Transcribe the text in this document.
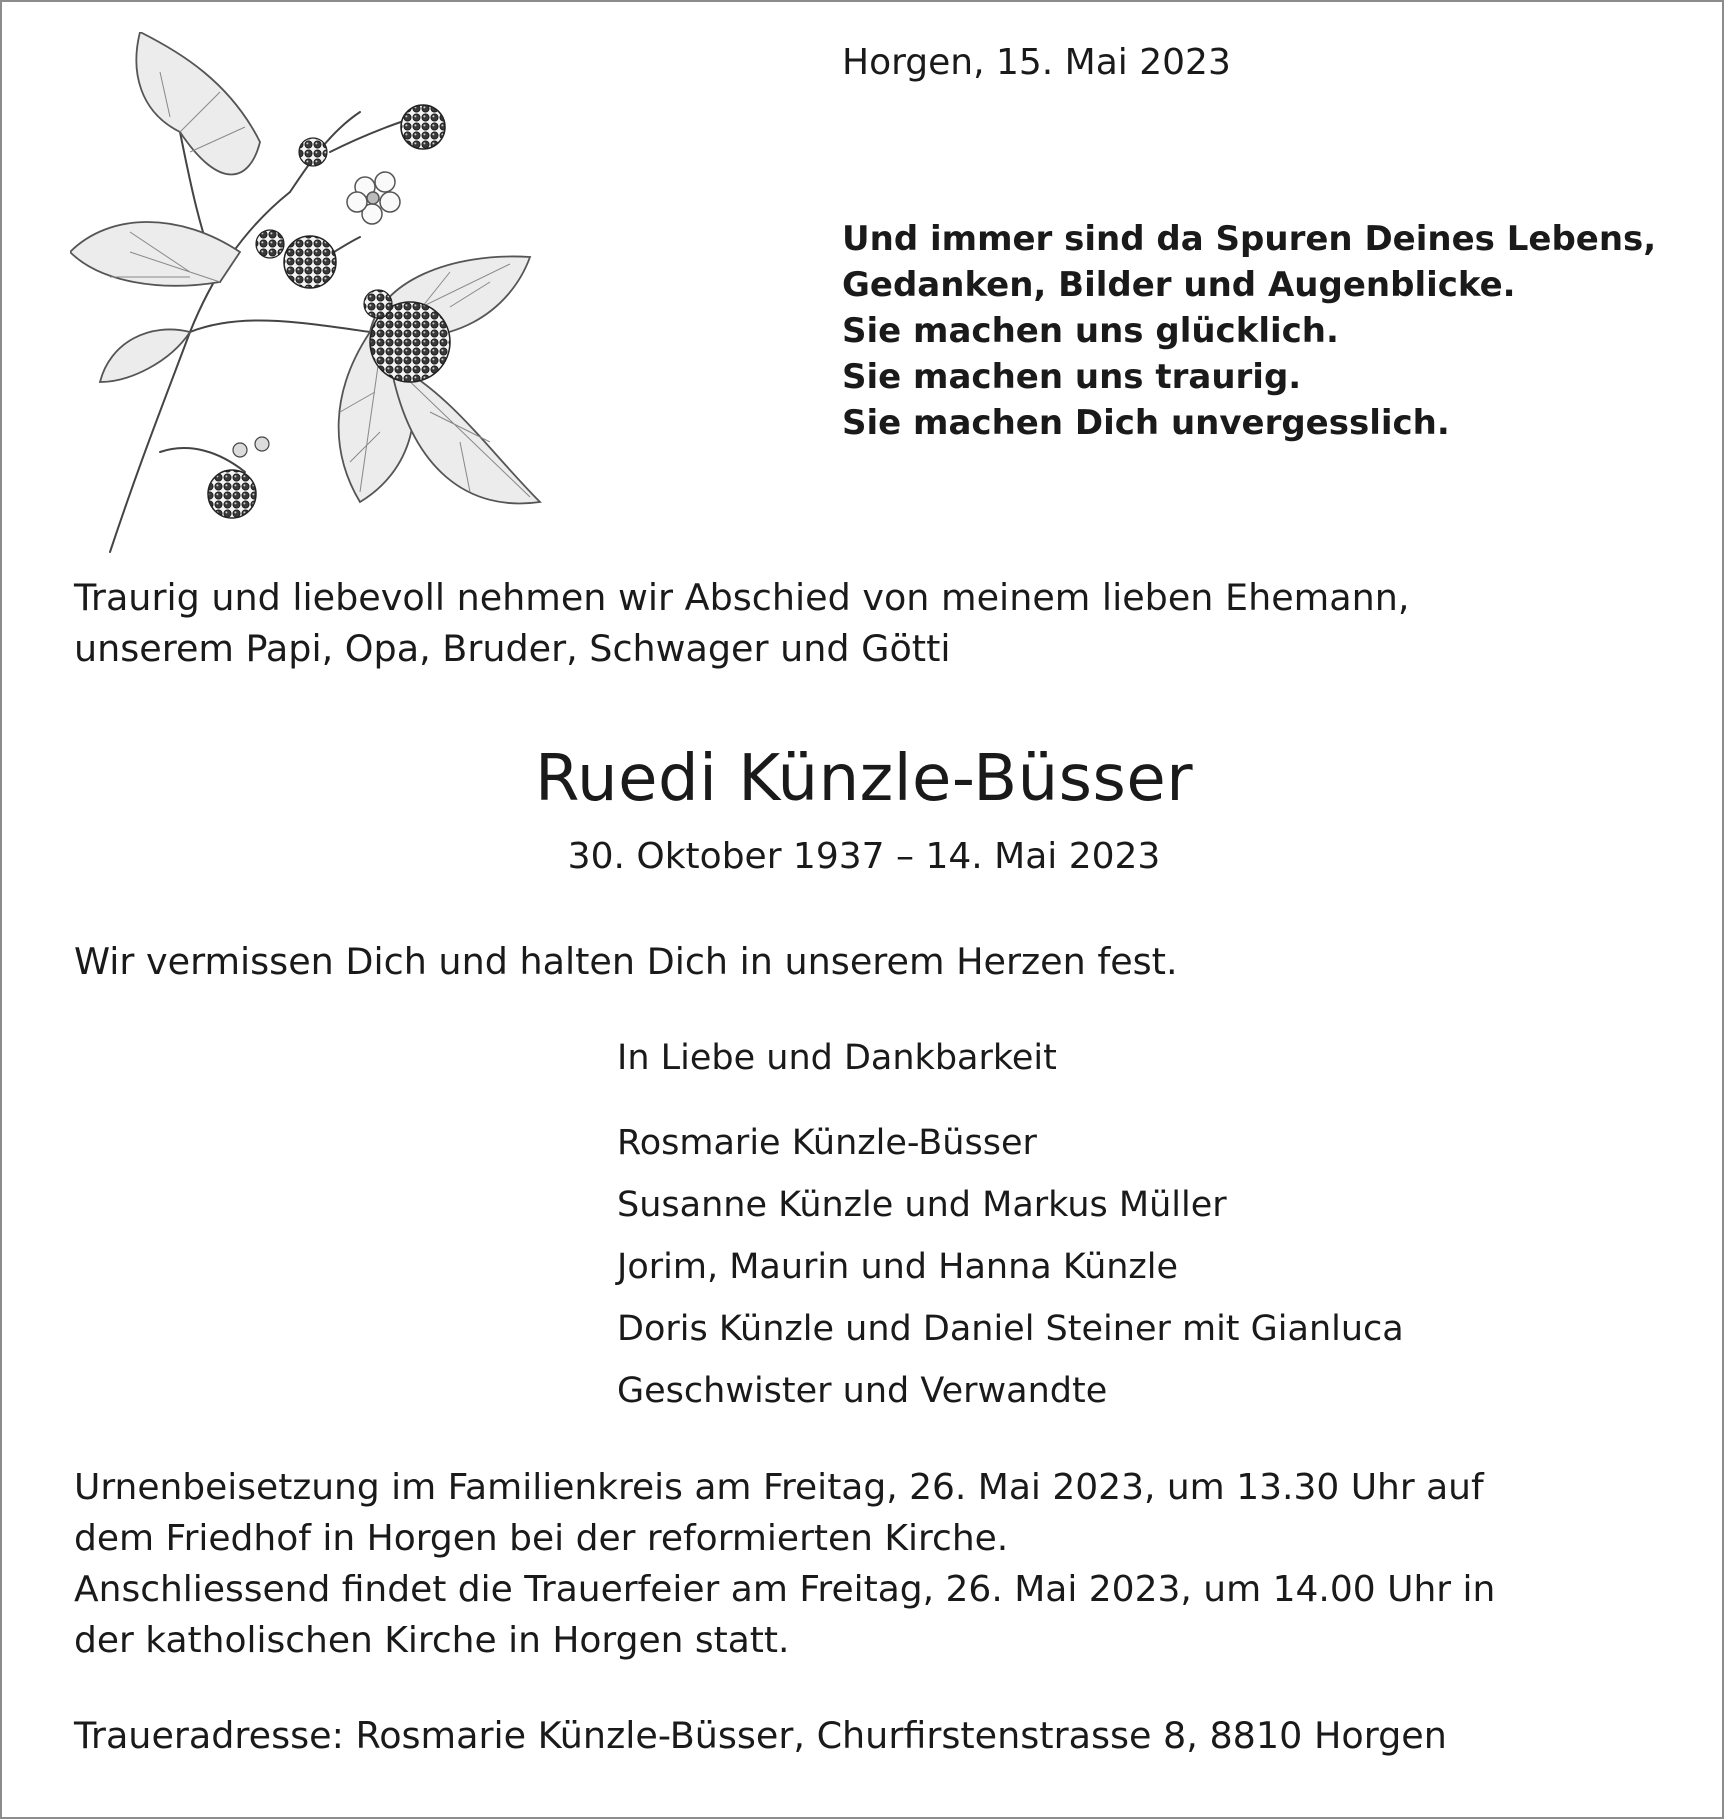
Horgen, 15. Mai 2023
Und immer sind da Spuren Deines Lebens,
Gedanken, Bilder und Augenblicke.
Sie machen uns glücklich.
Sie machen uns traurig.
Sie machen Dich unvergesslich.
Traurig und liebevoll nehmen wir Abschied von meinem lieben Ehemann,
unserem Papi, Opa, Bruder, Schwager und Götti
Ruedi Künzle-Büsser
30. Oktober 1937 – 14. Mai 2023
Wir vermissen Dich und halten Dich in unserem Herzen fest.
In Liebe und Dankbarkeit
Rosmarie Künzle-Büsser
Susanne Künzle und Markus Müller
Jorim, Maurin und Hanna Künzle
Doris Künzle und Daniel Steiner mit Gianluca
Geschwister und Verwandte
Urnenbeisetzung im Familienkreis am Freitag, 26. Mai 2023, um 13.30 Uhr auf
dem Friedhof in Horgen bei der reformierten Kirche.
Anschliessend findet die Trauerfeier am Freitag, 26. Mai 2023, um 14.00 Uhr in
der katholischen Kirche in Horgen statt.
Traueradresse: Rosmarie Künzle-Büsser, Churfirstenstrasse 8, 8810 Horgen
